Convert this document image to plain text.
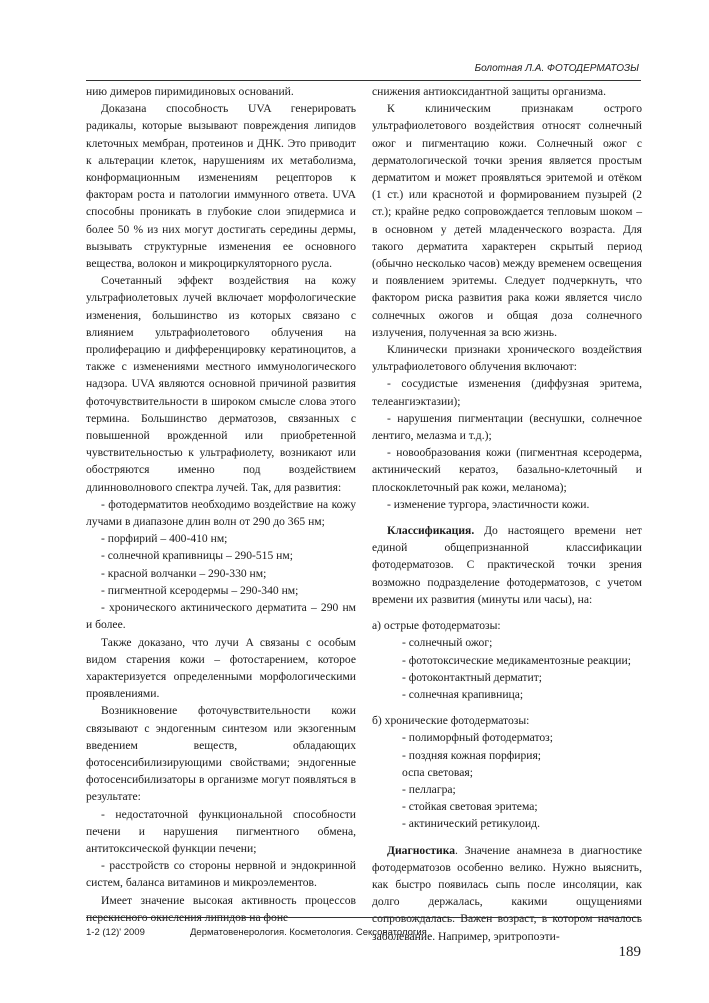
Болотная Л.А. ФОТОДЕРМАТОЗЫ

нию димеров пиримидиновых оснований.

Доказана способность UVA генерировать радикалы, которые вызывают повреждения липидов клеточных мембран, протеинов и ДНК. Это приводит к альтерации клеток, нарушениям их метаболизма, конформационным изменениям рецепторов к факторам роста и патологии иммунного ответа. UVA способны проникать в глубокие слои эпидермиса и более 50 % из них могут достигать середины дермы, вызывать структурные изменения ее основного вещества, волокон и микроциркуляторного русла.

Сочетанный эффект воздействия на кожу ультрафиолетовых лучей включает морфологические изменения, большинство из которых связано с влиянием ультрафиолетового облучения на пролиферацию и дифференцировку кератиноцитов, а также с изменениями местного иммунологического надзора. UVA являются основной причиной развития фоточувствительности в широком смысле слова этого термина. Большинство дерматозов, связанных с повышенной врожденной или приобретенной чувствительностью к ультрафиолету, возникают или обостряются именно под воздействием длинноволнового спектра лучей. Так, для развития:

- фотодерматитов необходимо воздействие на кожу лучами в диапазоне длин волн от 290 до 365 нм;

- порфирий – 400-410 нм;

- солнечной крапивницы – 290-515 нм;

- красной волчанки – 290-330 нм;

- пигментной ксеродермы – 290-340 нм;

- хронического актинического дерматита – 290 нм и более.

Также доказано, что лучи A связаны с особым видом старения кожи – фотостарением, которое характеризуется определенными морфологическими проявлениями.

Возникновение фоточувствительности кожи связывают с эндогенным синтезом или экзогенным введением веществ, обладающих фотосенсибилизирующими свойствами; эндогенные фотосенсибилизаторы в организме могут появляться в результате:

- недостаточной функциональной способности печени и нарушения пигментного обмена, антитоксической функции печени;

- расстройств со стороны нервной и эндокринной систем, баланса витаминов и микроэлементов.

Имеет значение высокая активность процессов перекисного окисления липидов на фоне

снижения антиоксидантной защиты организма.

К клиническим признакам острого ультрафиолетового воздействия относят солнечный ожог и пигментацию кожи. Солнечный ожог с дерматологической точки зрения является простым дерматитом и может проявляться эритемой и отёком (1 ст.) или краснотой и формированием пузырей (2 ст.); крайне редко сопровождается тепловым шоком – в основном у детей младенческого возраста. Для такого дерматита характерен скрытый период (обычно несколько часов) между временем освещения и появлением эритемы. Следует подчеркнуть, что фактором риска развития рака кожи является число солнечных ожогов и общая доза солнечного излучения, полученная за всю жизнь.

Клинически признаки хронического воздействия ультрафиолетового облучения включают:

- сосудистые изменения (диффузная эритема, телеангиэктазии);

- нарушения пигментации (веснушки, солнечное лентиго, мелазма и т.д.);

- новообразования кожи (пигментная ксеродерма, актинический кератоз, базально-клеточный и плоскоклеточный рак кожи, меланома);

- изменение тургора, эластичности кожи.

Классификация. До настоящего времени нет единой общепризнанной классификации фотодерматозов. С практической точки зрения возможно подразделение фотодерматозов, с учетом времени их развития (минуты или часы), на:

а) острые фотодерматозы:

- солнечный ожог;

- фототоксические медикаментозные реакции;

- фотоконтактный дерматит;

- солнечная крапивница;

б) хронические фотодерматозы:

- полиморфный фотодерматоз;

- поздняя кожная порфирия;

оспа световая;

- пеллагра;

- стойкая световая эритема;

- актинический ретикулоид.

Диагностика. Значение анамнеза в диагностике фотодерматозов особенно велико. Нужно выяснить, как быстро появилась сыпь после инсоляции, как долго держалась, какими ощущениями сопровождалась. Важен возраст, в котором началось заболевание. Например, эритропоэти-

1-2 (12)' 2009	Дерматовенерология. Косметология. Сексопатология
189
